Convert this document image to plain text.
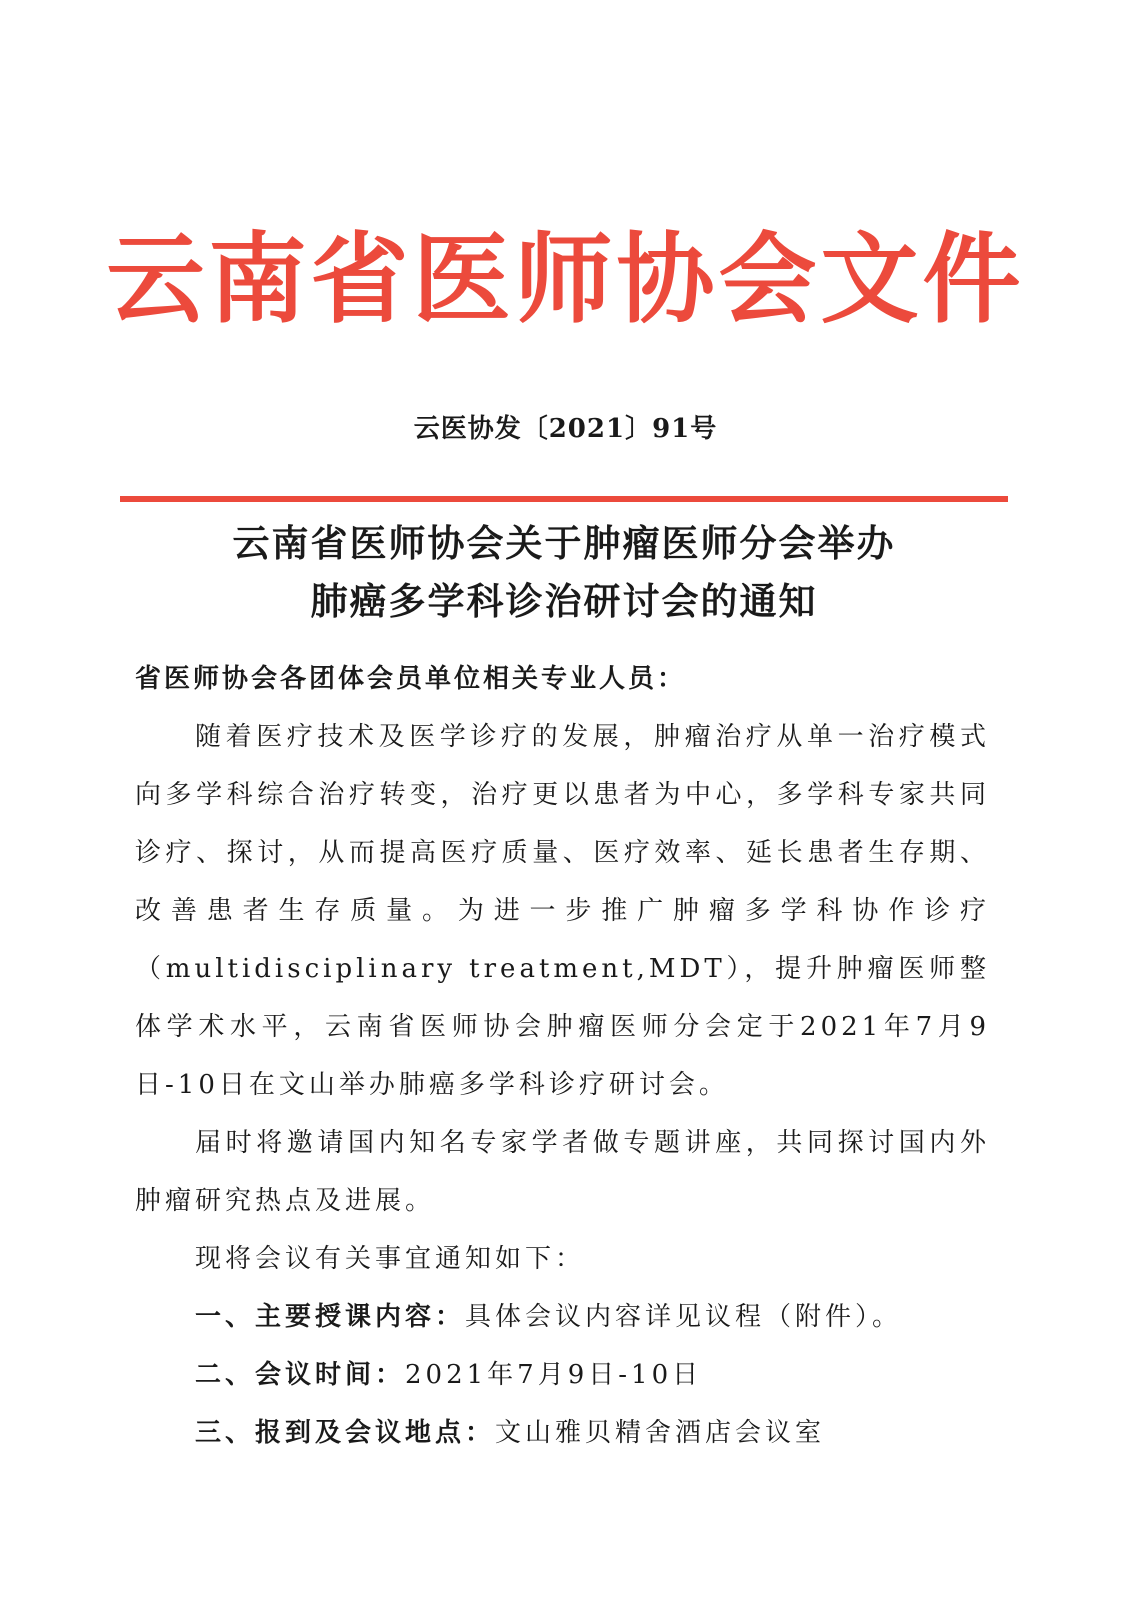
云南省医师协会文件
云医协发〔2021〕91号
云南省医师协会关于肿瘤医师分会举办
肺癌多学科诊治研讨会的通知
省医师协会各团体会员单位相关专业人员：

随着医疗技术及医学诊疗的发展，肿瘤治疗从单一治疗模式向多学科综合治疗转变，治疗更以患者为中心，多学科专家共同诊疗、探讨，从而提高医疗质量、医疗效率、延长患者生存期、改善患者生存质量。为进一步推广肿瘤多学科协作诊疗（multidisciplinary treatment,MDT），提升肿瘤医师整体学术水平，云南省医师协会肿瘤医师分会定于2021年7月9日-10日在文山举办肺癌多学科诊疗研讨会。

届时将邀请国内知名专家学者做专题讲座，共同探讨国内外肿瘤研究热点及进展。

现将会议有关事宜通知如下：

一、主要授课内容：具体会议内容详见议程（附件）。

二、会议时间：2021年7月9日-10日

三、报到及会议地点：文山雅贝精舍酒店会议室
